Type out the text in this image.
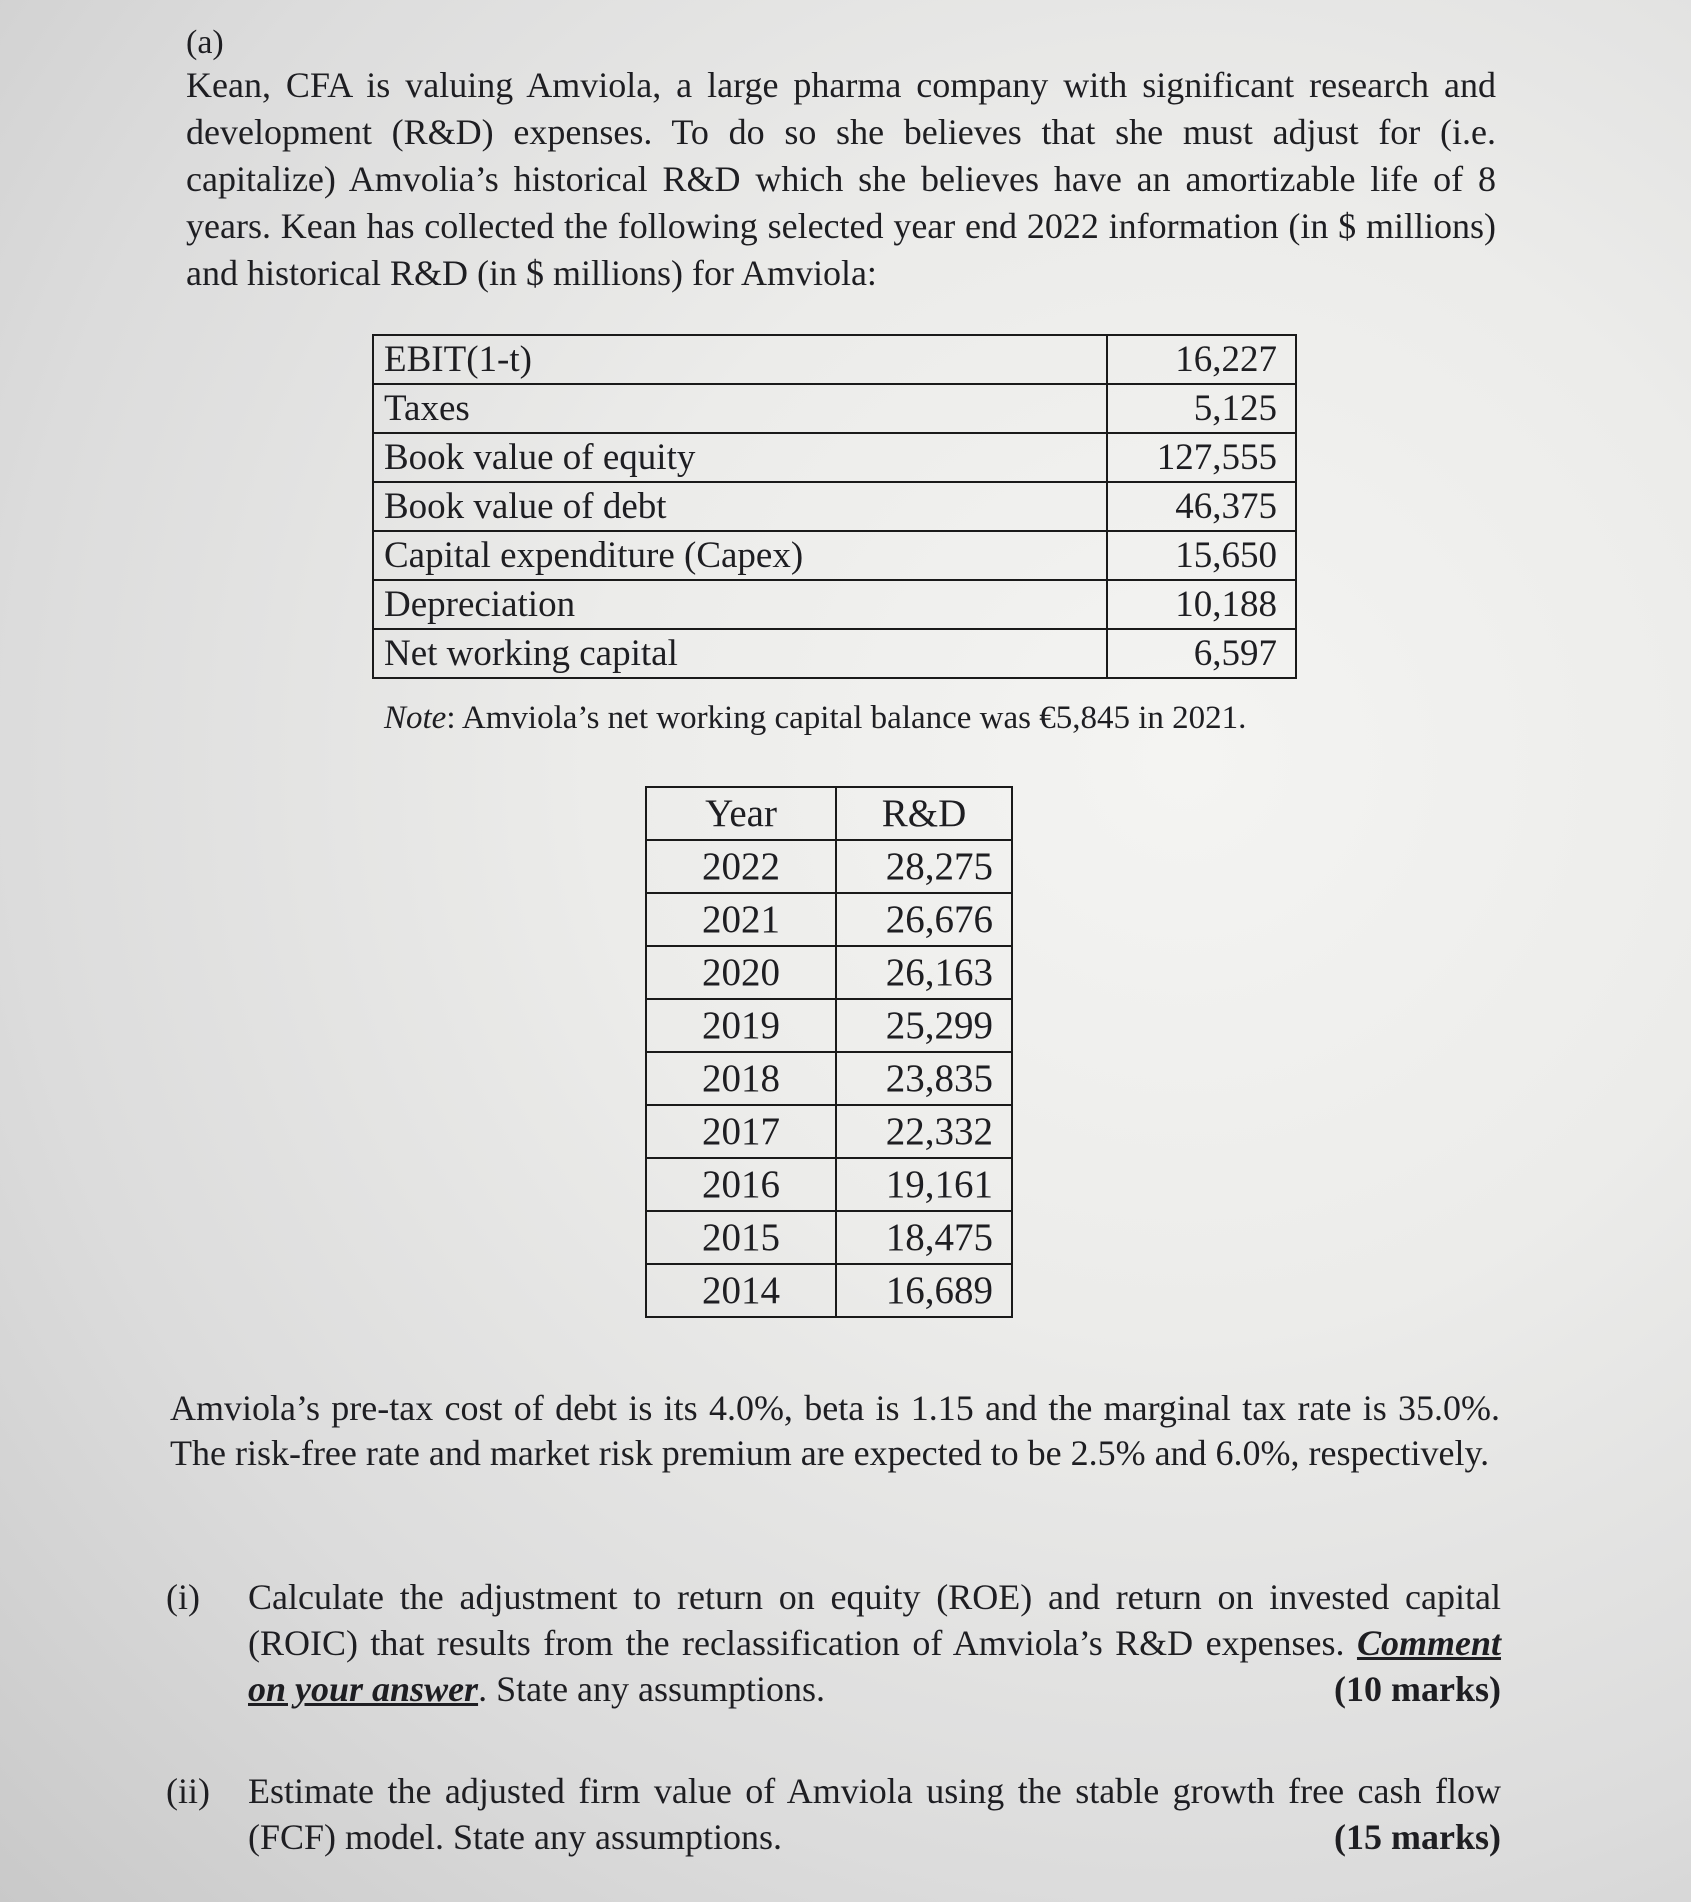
(a)
Kean, CFA is valuing Amviola, a large pharma company with significant research and development (R&D) expenses. To do so she believes that she must adjust for (i.e. capitalize) Amvolia’s historical R&D which she believes have an amortizable life of 8 years. Kean has collected the following selected year end 2022 information (in $ millions) and historical R&D (in $ millions) for Amviola:
EBIT(1-t)	16,227
Taxes	5,125
Book value of equity	127,555
Book value of debt	46,375
Capital expenditure (Capex)	15,650
Depreciation	10,188
Net working capital	6,597
Note: Amviola’s net working capital balance was €5,845 in 2021.
Year	R&D
2022	28,275
2021	26,676
2020	26,163
2019	25,299
2018	23,835
2017	22,332
2016	19,161
2015	18,475
2014	16,689
Amviola’s pre-tax cost of debt is its 4.0%, beta is 1.15 and the marginal tax rate is 35.0%. The risk-free rate and market risk premium are expected to be 2.5% and 6.0%, respectively.
(i) Calculate the adjustment to return on equity (ROE) and return on invested capital (ROIC) that results from the reclassification of Amviola’s R&D expenses. Comment on your answer. State any assumptions.	(10 marks)
(ii) Estimate the adjusted firm value of Amviola using the stable growth free cash flow (FCF) model. State any assumptions.	(15 marks)
